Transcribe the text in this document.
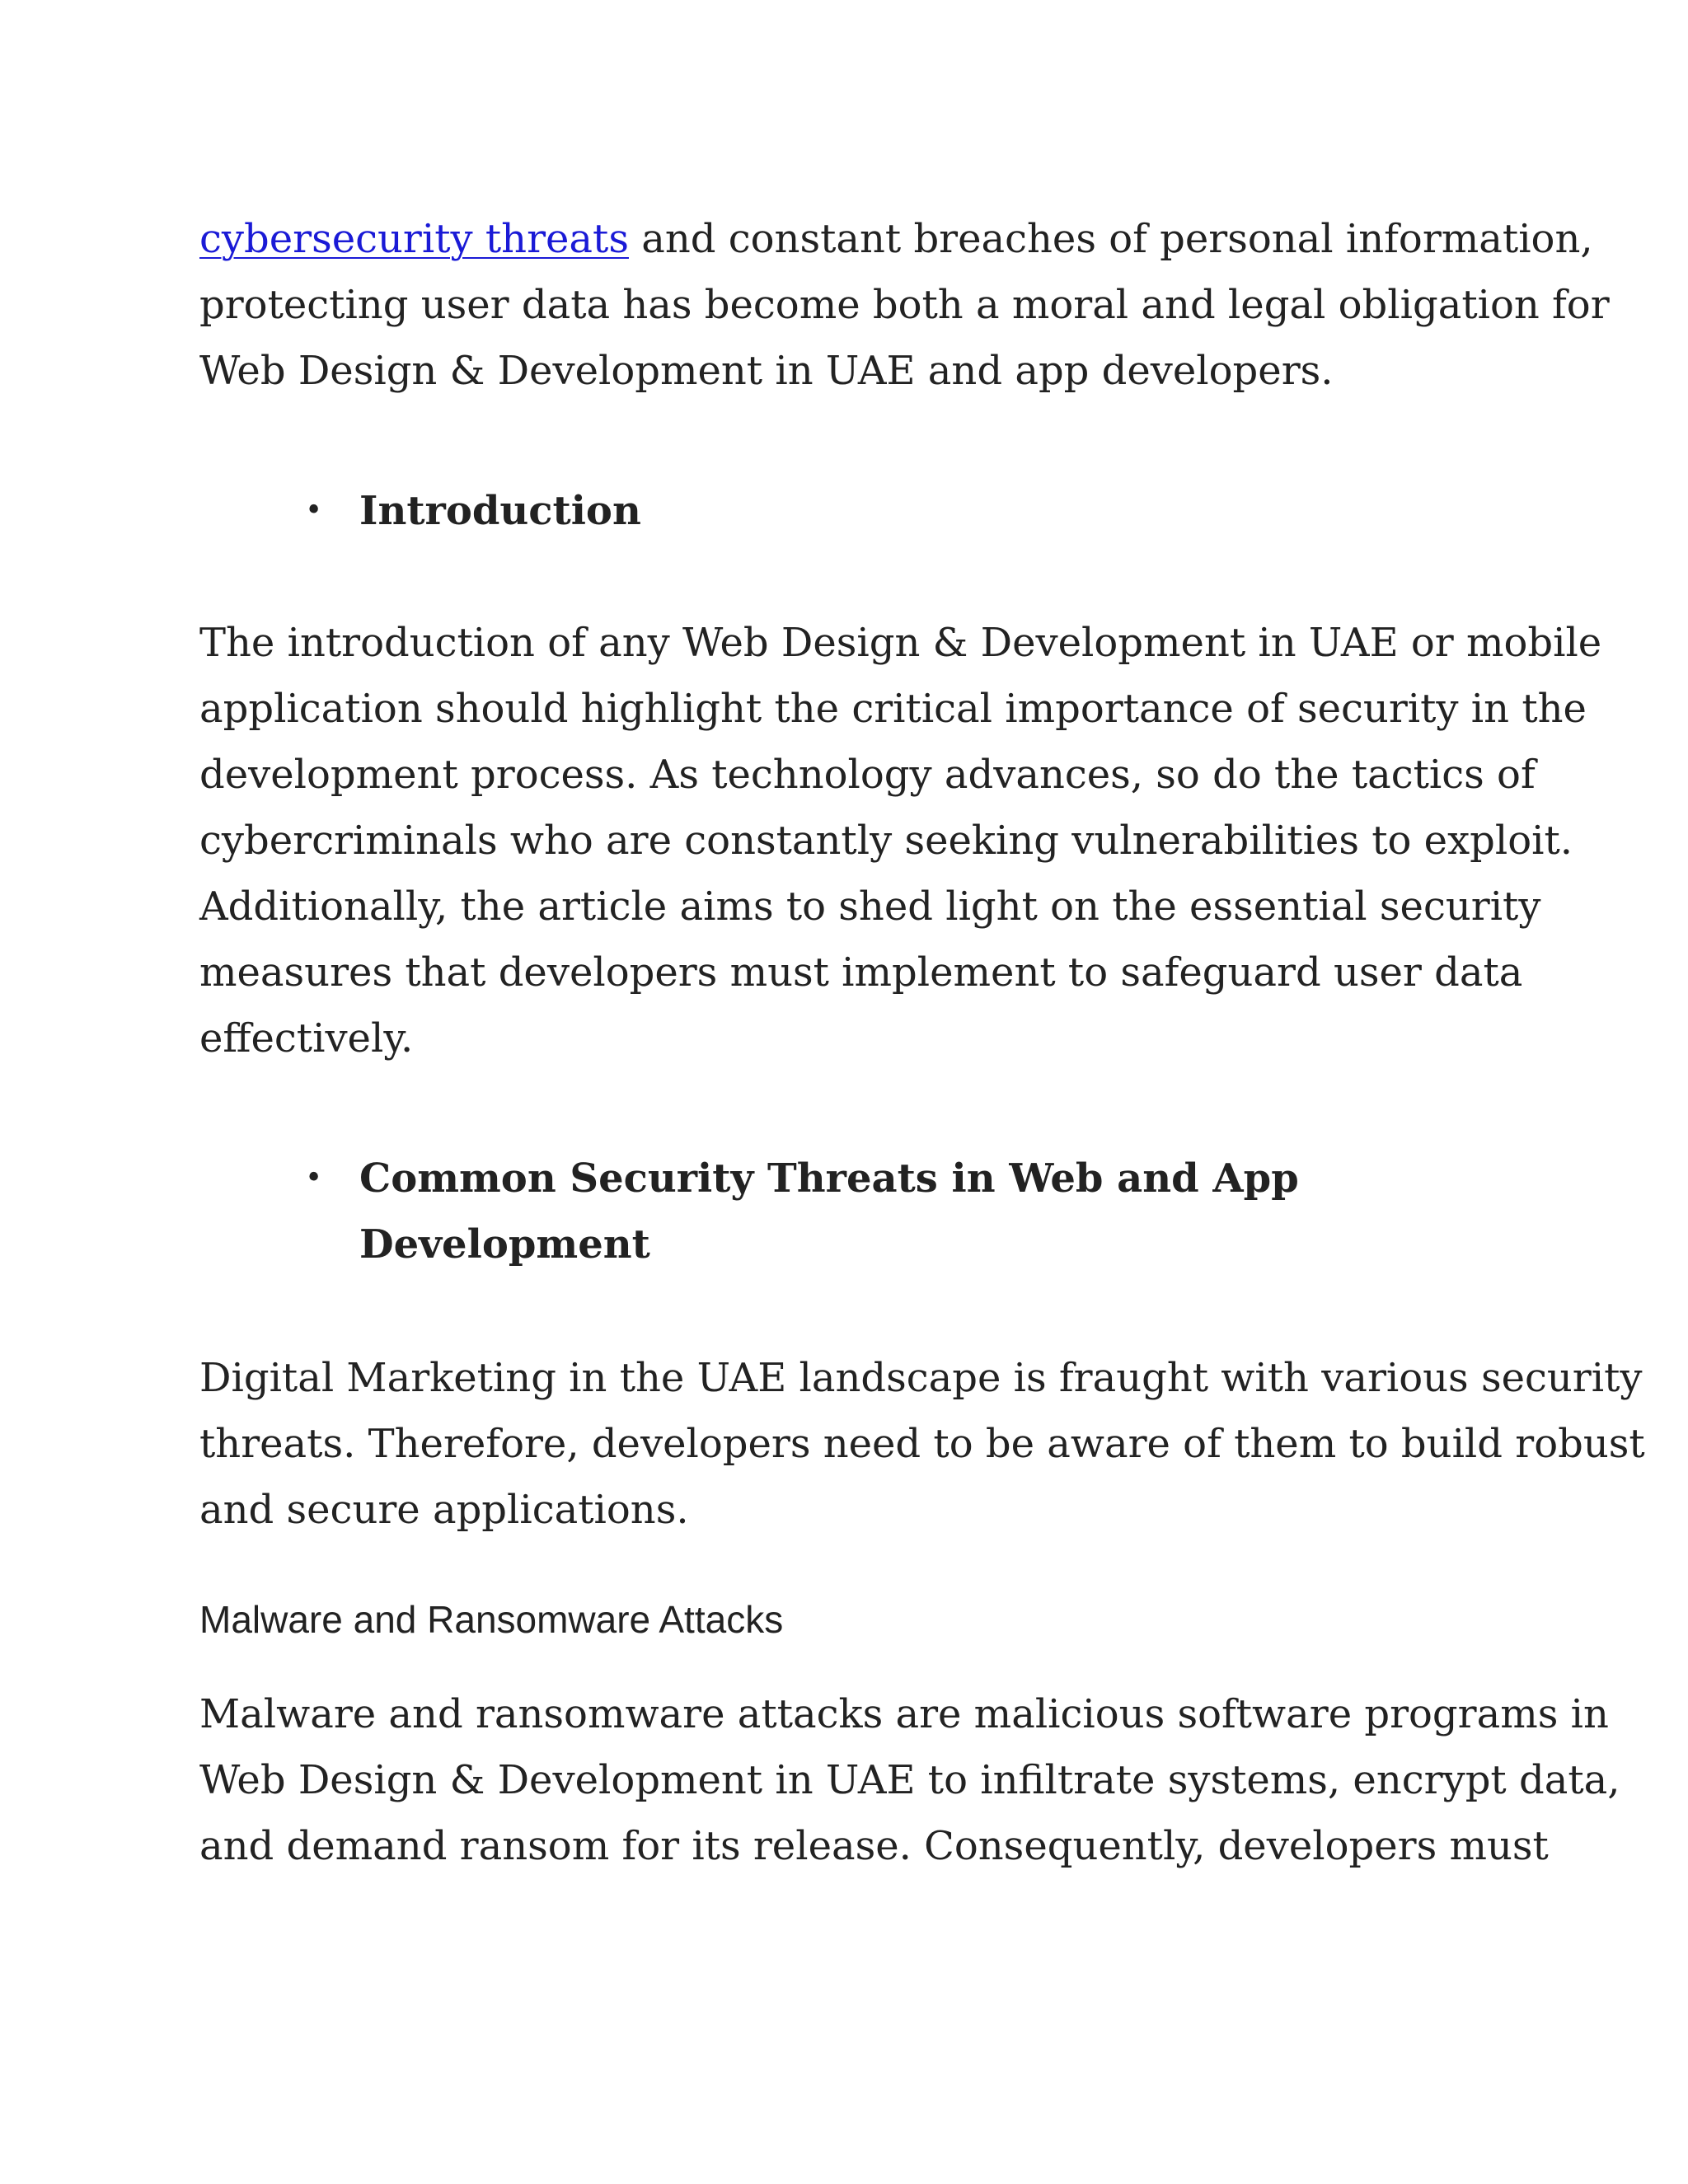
cybersecurity threats and constant breaches of personal information,
protecting user data has become both a moral and legal obligation for
Web Design & Development in UAE and app developers.

• Introduction

The introduction of any Web Design & Development in UAE or mobile
application should highlight the critical importance of security in the
development process. As technology advances, so do the tactics of
cybercriminals who are constantly seeking vulnerabilities to exploit.
Additionally, the article aims to shed light on the essential security
measures that developers must implement to safeguard user data
effectively.

• Common Security Threats in Web and App
Development

Digital Marketing in the UAE landscape is fraught with various security
threats. Therefore, developers need to be aware of them to build robust
and secure applications.

Malware and Ransomware Attacks

Malware and ransomware attacks are malicious software programs in
Web Design & Development in UAE to infiltrate systems, encrypt data,
and demand ransom for its release. Consequently, developers must
